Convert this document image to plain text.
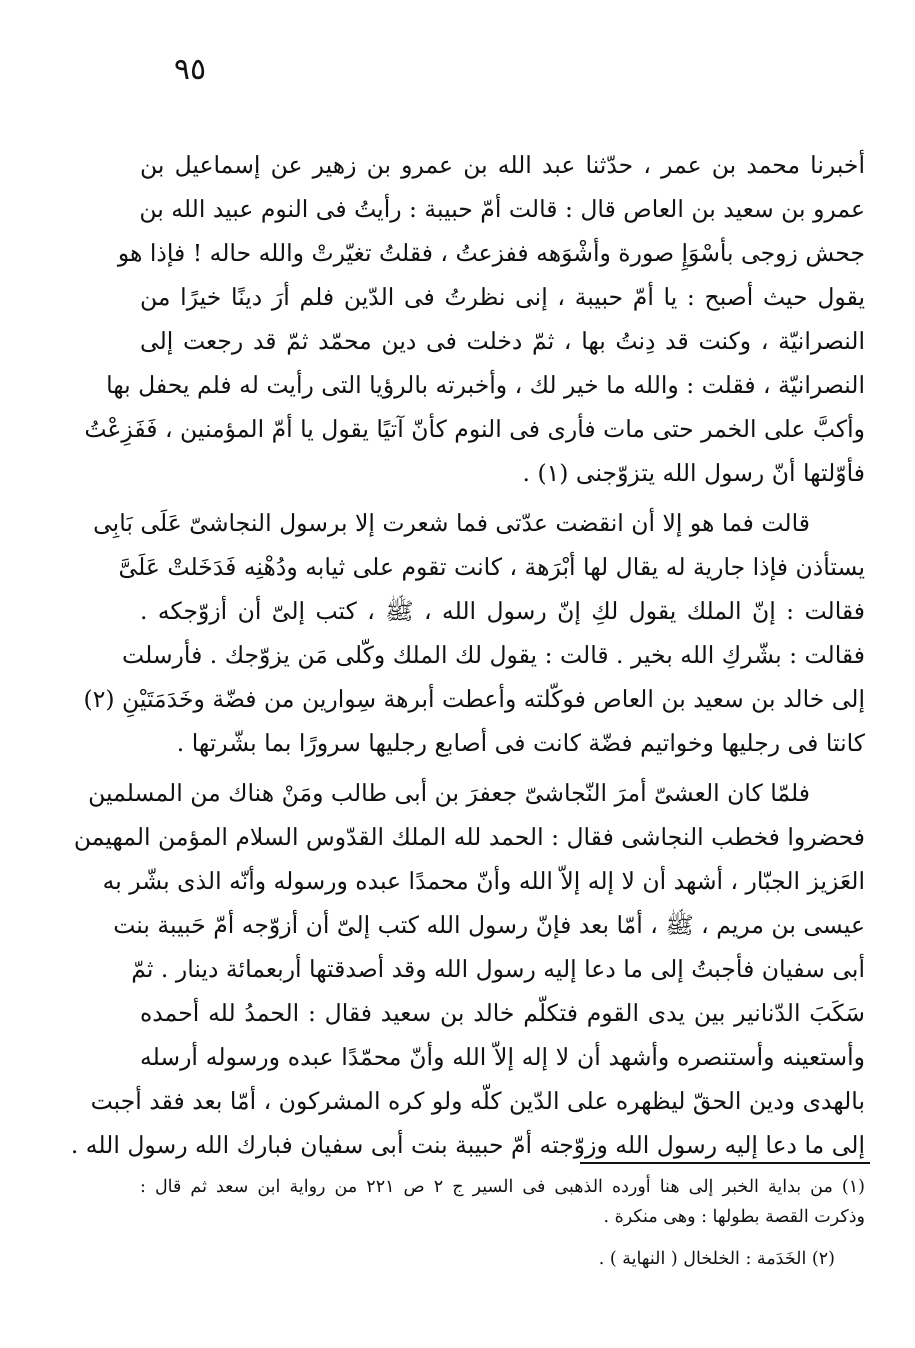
٩٥
أخبرنا محمد بن عمر ، حدّثنا عبد الله بن عمرو بن زهير عن إسماعيل بن
عمرو بن سعيد بن العاص قال : قالت أمّ حبيبة : رأيتُ فى النوم عبيد الله بن
جحش زوجى بأسْوَإِ صورة وأشْوَهه ففزعتُ ، فقلتُ تغيّرتْ والله حاله ! فإذا هو
يقول حيث أصبح : يا أمّ حبيبة ، إنى نظرتُ فى الدّين فلم أرَ دينًا خيرًا من
النصرانيّة ، وكنت قد دِنتُ بها ، ثمّ دخلت فى دين محمّد ثمّ قد رجعت إلى
النصرانيّة ، فقلت : والله ما خير لك ، وأخبرته بالرؤيا التى رأيت له فلم يحفل بها
وأكبَّ على الخمر حتى مات فأرى فى النوم كأنّ آتيًا يقول يا أمّ المؤمنين ، فَفَزِعْتُ
فأوّلتها أنّ رسول الله يتزوّجنى (١) .
قالت فما هو إلا أن انقضت عدّتى فما شعرت إلا برسول النجاشىّ عَلَى بَابِى
يستأذن فإذا جارية له يقال لها أبْرَهة ، كانت تقوم على ثيابه ودُهْنِه فَدَخَلتْ عَلَىَّ
فقالت : إنّ الملك يقول لكِ إنّ رسول الله ، ﷺ ، كتب إلىّ أن أزوّجكه .
فقالت : بشّركِ الله بخير . قالت : يقول لك الملك وكّلى مَن يزوّجك . فأرسلت
إلى خالد بن سعيد بن العاص فوكّلته وأعطت أبرهة سِوارين من فضّة وخَدَمَتَيْنِ (٢)
كانتا فى رجليها وخواتيم فضّة كانت فى أصابع رجليها سرورًا بما بشّرتها .
فلمّا كان العشىّ أمرَ النّجاشىّ جعفرَ بن أبى طالب ومَنْ هناك من المسلمين
فحضروا فخطب النجاشى فقال : الحمد لله الملك القدّوس السلام المؤمن المهيمن
العَزيز الجبّار ، أشهد أن لا إله إلاّ الله وأنّ محمدًا عبده ورسوله وأنّه الذى بشّر به
عيسى بن مريم ، ﷺ ، أمّا بعد فإنّ رسول الله كتب إلىّ أن أزوّجه أمّ حَبيبة بنت
أبى سفيان فأجبتُ إلى ما دعا إليه رسول الله وقد أصدقتها أربعمائة دينار . ثمّ
سَكَبَ الدّنانير بين يدى القوم فتكلّم خالد بن سعيد فقال : الحمدُ لله أحمده
وأستعينه وأستنصره وأشهد أن لا إله إلاّ الله وأنّ محمّدًا عبده ورسوله أرسله
بالهدى ودين الحقّ ليظهره على الدّين كلّه ولو كره المشركون ، أمّا بعد فقد أجبت
إلى ما دعا إليه رسول الله وزوّجته أمّ حبيبة بنت أبى سفيان فبارك الله رسول الله .
(١) من بداية الخبر إلى هنا أورده الذهبى فى السير ج ٢ ص ٢٢١ من رواية ابن سعد ثم قال :
وذكرت القصة بطولها : وهى منكرة .
(٢) الخَدَمة : الخلخال ( النهاية ) .
